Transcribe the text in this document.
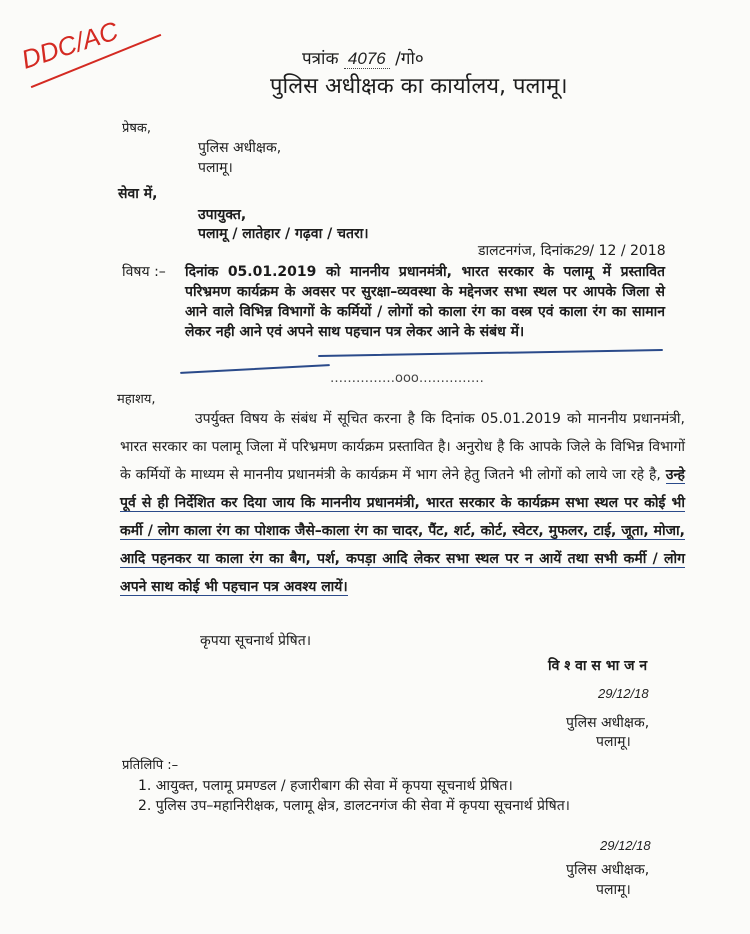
DDC/AC	पत्रांक 4076 /गो०
पुलिस अधीक्षक का कार्यालय, पलामू।
प्रेषक,
पुलिस अधीक्षक,
पलामू।
सेवा में,
उपायुक्त,
पलामू / लातेहार / गढ़वा / चतरा।
डालटनगंज, दिनांक29/ 12 / 2018
विषय :– दिनांक 05.01.2019 को माननीय प्रधानमंत्री, भारत सरकार के पलामू में प्रस्तावित परिभ्रमण कार्यक्रम के अवसर पर सुरक्षा–व्यवस्था के मद्देनजर सभा स्थल पर आपके जिला से आने वाले विभिन्न विभागों के कर्मियों / लोगों को काला रंग का वस्त्र एवं काला रंग का सामान लेकर नही आने एवं अपने साथ पहचान पत्र लेकर आने के संबंध में।
……………ooo……………
महाशय,

उपर्युक्त विषय के संबंध में सूचित करना है कि दिनांक 05.01.2019 को माननीय प्रधानमंत्री, भारत सरकार का पलामू जिला में परिभ्रमण कार्यक्रम प्रस्तावित है। अनुरोध है कि आपके जिले के विभिन्न विभागों के कर्मियों के माध्यम से माननीय प्रधानमंत्री के कार्यक्रम में भाग लेने हेतु जितने भी लोगों को लाये जा रहे है, उन्हे पूर्व से ही निर्देशित कर दिया जाय कि माननीय प्रधानमंत्री, भारत सरकार के कार्यक्रम सभा स्थल पर कोई भी कर्मी / लोग काला रंग का पोशाक जैसे–काला रंग का चादर, पैंट, शर्ट, कोर्ट, स्वेटर, मुफलर, टाई, जूता, मोजा, आदि पहनकर या काला रंग का बैग, पर्श, कपड़ा आदि लेकर सभा स्थल पर न आयें तथा सभी कर्मी / लोग अपने साथ कोई भी पहचान पत्र अवश्य लायें।

कृपया सूचनार्थ प्रेषित।
वि श्‍ वा स भा ज न
29/12/18
पुलिस अधीक्षक,
पलामू।
प्रतिलिपि :–
1. आयुक्त, पलामू प्रमण्डल / हजारीबाग की सेवा में कृपया सूचनार्थ प्रेषित।
2. पुलिस उप–महानिरीक्षक, पलामू क्षेत्र, डालटनगंज की सेवा में कृपया सूचनार्थ प्रेषित।
29/12/18
पुलिस अधीक्षक,
पलामू।
